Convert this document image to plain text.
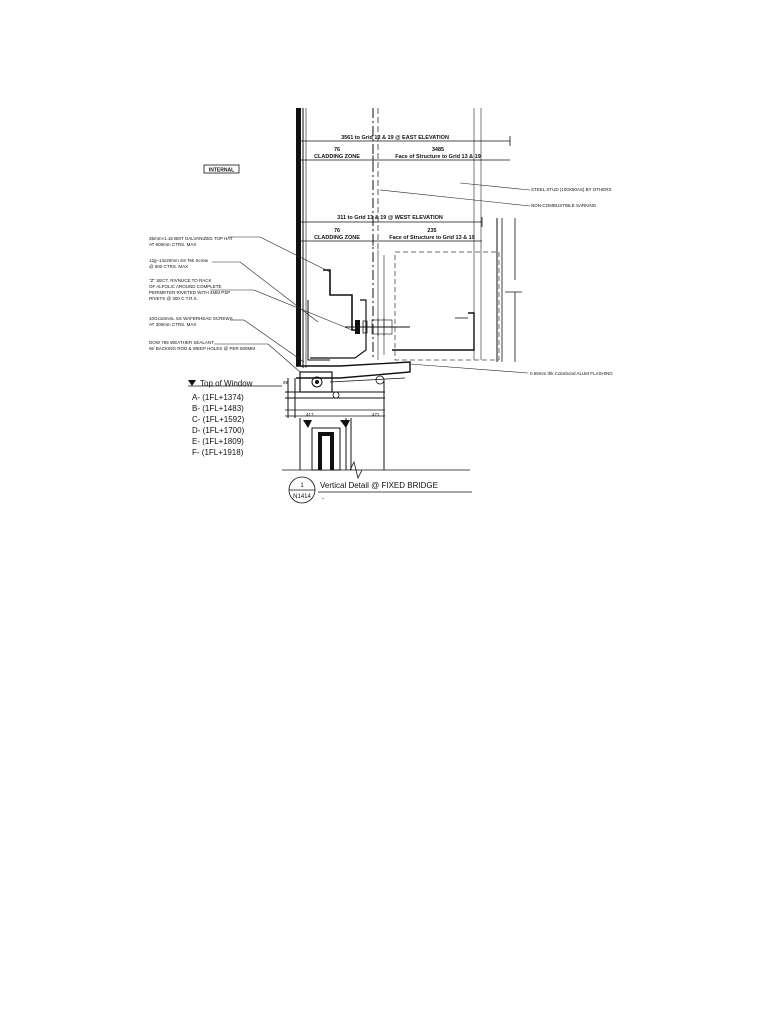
3561 to Grid 13 & 19 @ EAST ELEVATION
76
CLADDING ZONE
3485
Face of Structure to Grid 13 & 19
311 to Grid 13 & 19 @ WEST ELEVATION
76
CLADDING ZONE
235
Face of Structure to Grid 13 & 19
INTERNAL
95
417	471
STEEL STUD (100X50AS) BY OTHERS
NON-COMBUSTIBLE SARKING
0.55mm thk Colorbond ALUM FLASHING
35mm×1.15 BMT GALVANIZED TOP HAT
AT 600mm CTRS. MAX
12g–14x20mm SS Tek Screw
@ 600 CTRS. MAX
"Z" SECT. RIVNUCE TO RACK
OF ALFOLIC AROUND COMPLETE
PERIMETER RIVETED WITH 4MM PSP
RIVETS @ 300 C.T.R.S.
10Gx16mmL SS WAFERHEAD SCREWS
AT 300mm CTRS. MAX
DOW 795 WEATHER SEALANT
W/ BACKING ROD & WEEP HOLES @ PER 600MM
Top of Window
A- (1FL+1374)
B- (1FL+1483)
C- (1FL+1592)
D- (1FL+1700)
E- (1FL+1809)
F- (1FL+1918)
1
N1414
Vertical Detail @ FIXED BRIDGE
-
